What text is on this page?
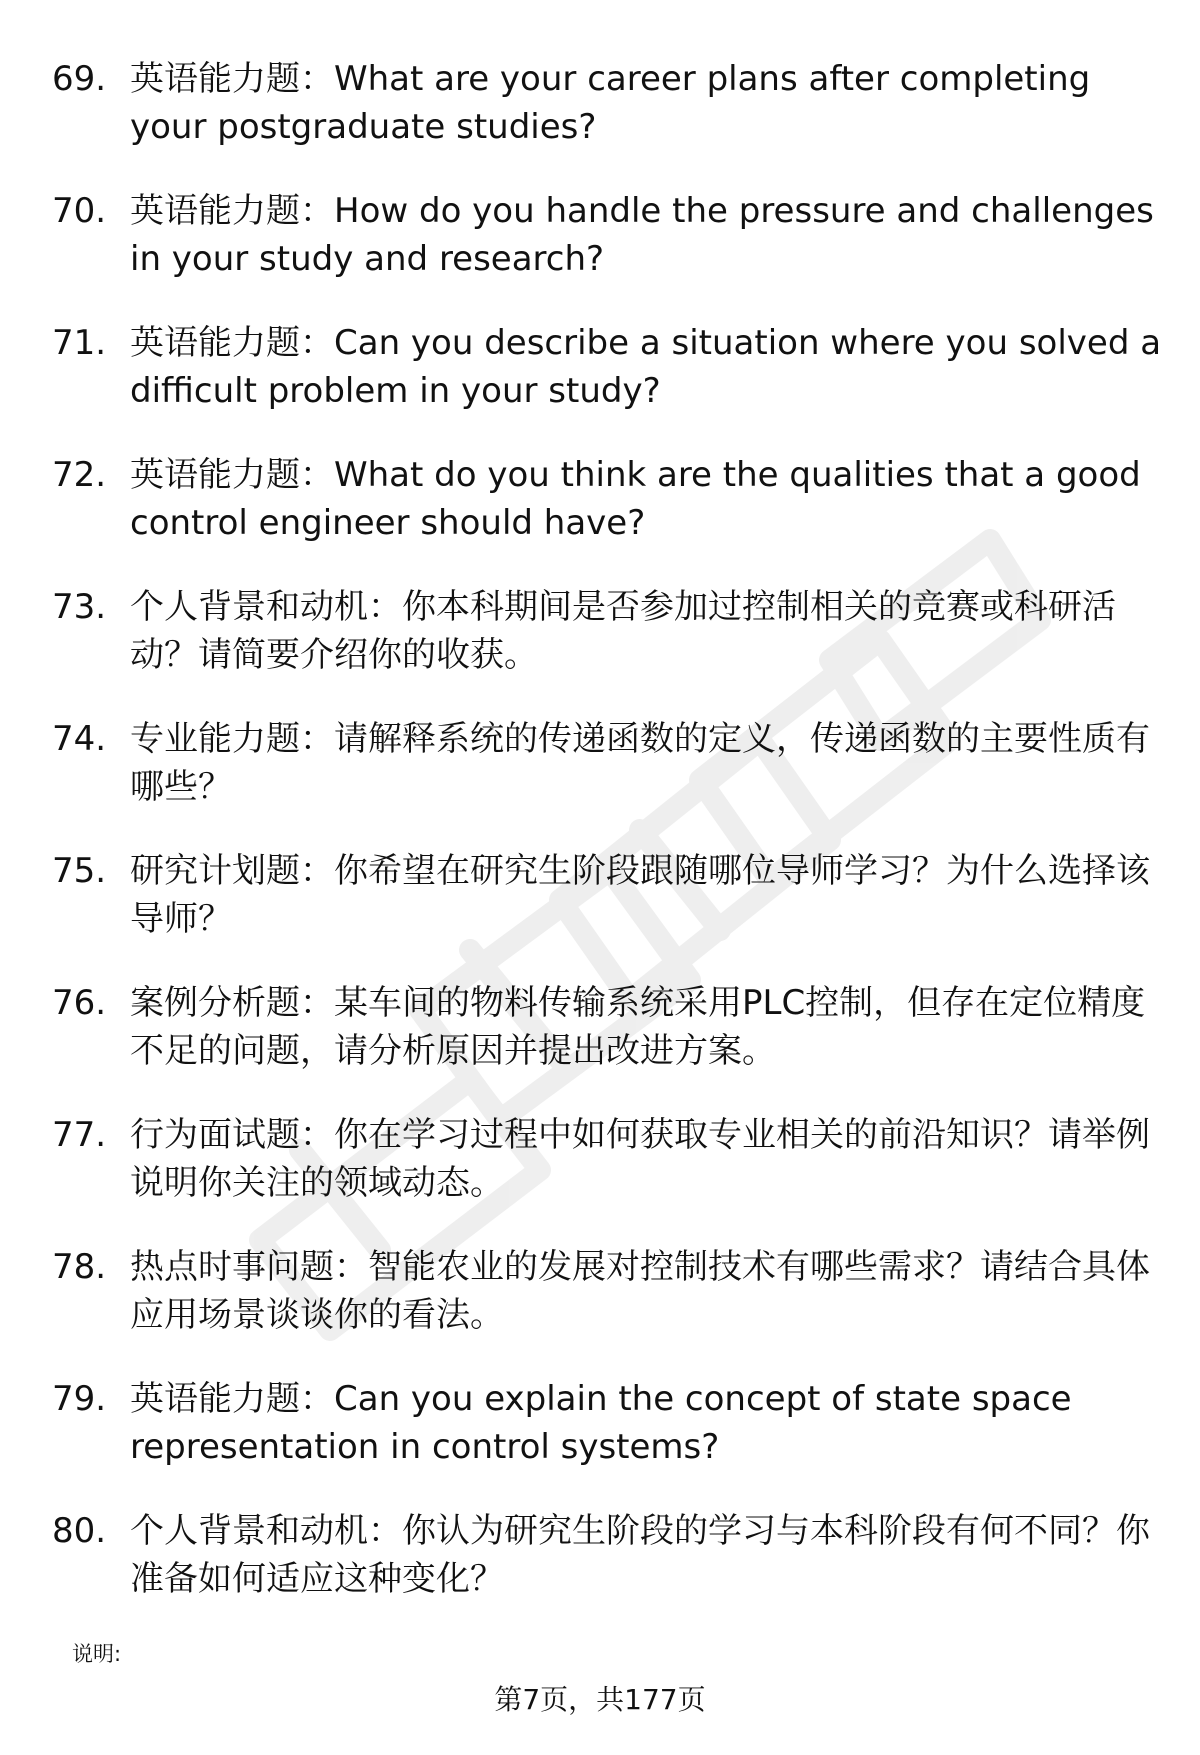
69. 英语能力题：What are your career plans after completing your postgraduate studies?
70. 英语能力题：How do you handle the pressure and challenges in your study and research?
71. 英语能力题：Can you describe a situation where you solved a difficult problem in your study?
72. 英语能力题：What do you think are the qualities that a good control engineer should have?
73. 个人背景和动机：你本科期间是否参加过控制相关的竞赛或科研活动？请简要介绍你的收获。
74. 专业能力题：请解释系统的传递函数的定义，传递函数的主要性质有哪些？
75. 研究计划题：你希望在研究生阶段跟随哪位导师学习？为什么选择该导师？
76. 案例分析题：某车间的物料传输系统采用PLC控制，但存在定位精度不足的问题，请分析原因并提出改进方案。
77. 行为面试题：你在学习过程中如何获取专业相关的前沿知识？请举例说明你关注的领域动态。
78. 热点时事问题：智能农业的发展对控制技术有哪些需求？请结合具体应用场景谈谈你的看法。
79. 英语能力题：Can you explain the concept of state space representation in control systems?
80. 个人背景和动机：你认为研究生阶段的学习与本科阶段有何不同？你准备如何适应这种变化？
说明:
第7页，共177页
